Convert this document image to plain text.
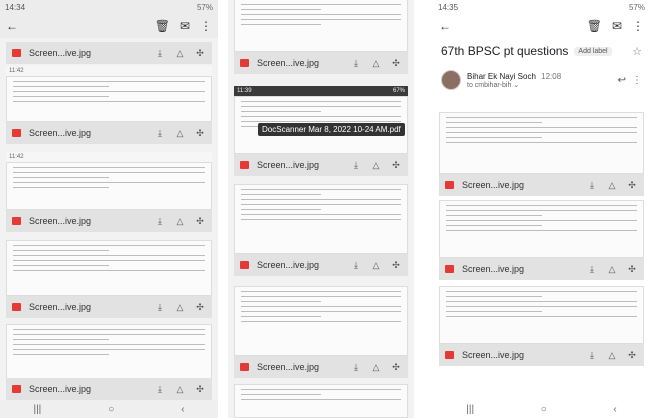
14:34	57%
←	🗑 ✉ ⋮
Screen...ive.jpg	⤓	△ ✣
11:42
Screen...ive.jpg	⤓	△ ✣
11:42
Screen...ive.jpg	⤓	△ ✣
Screen...ive.jpg	⤓	△ ✣
Screen...ive.jpg	⤓	△ ✣
|||	○	‹
Screen...ive.jpg	⤓	△ ✣
11:39	67%
Screen...ive.jpg	⤓	△ ✣
DocScanner Mar 8, 2022 10-24 AM.pdf
Screen...ive.jpg	⤓	△ ✣
Screen...ive.jpg	⤓	△ ✣
14:35	57%
←	🗑 ✉ ⋮
67th BPSC pt questions	Add label	☆
Bihar Ek Nayi Soch 12:08
to cmbihar-bih ⌄	↩ ⋮
Screen...ive.jpg	⤓	△ ✣
Screen...ive.jpg	⤓	△ ✣
Screen...ive.jpg	⤓	△ ✣
|||	○	‹
